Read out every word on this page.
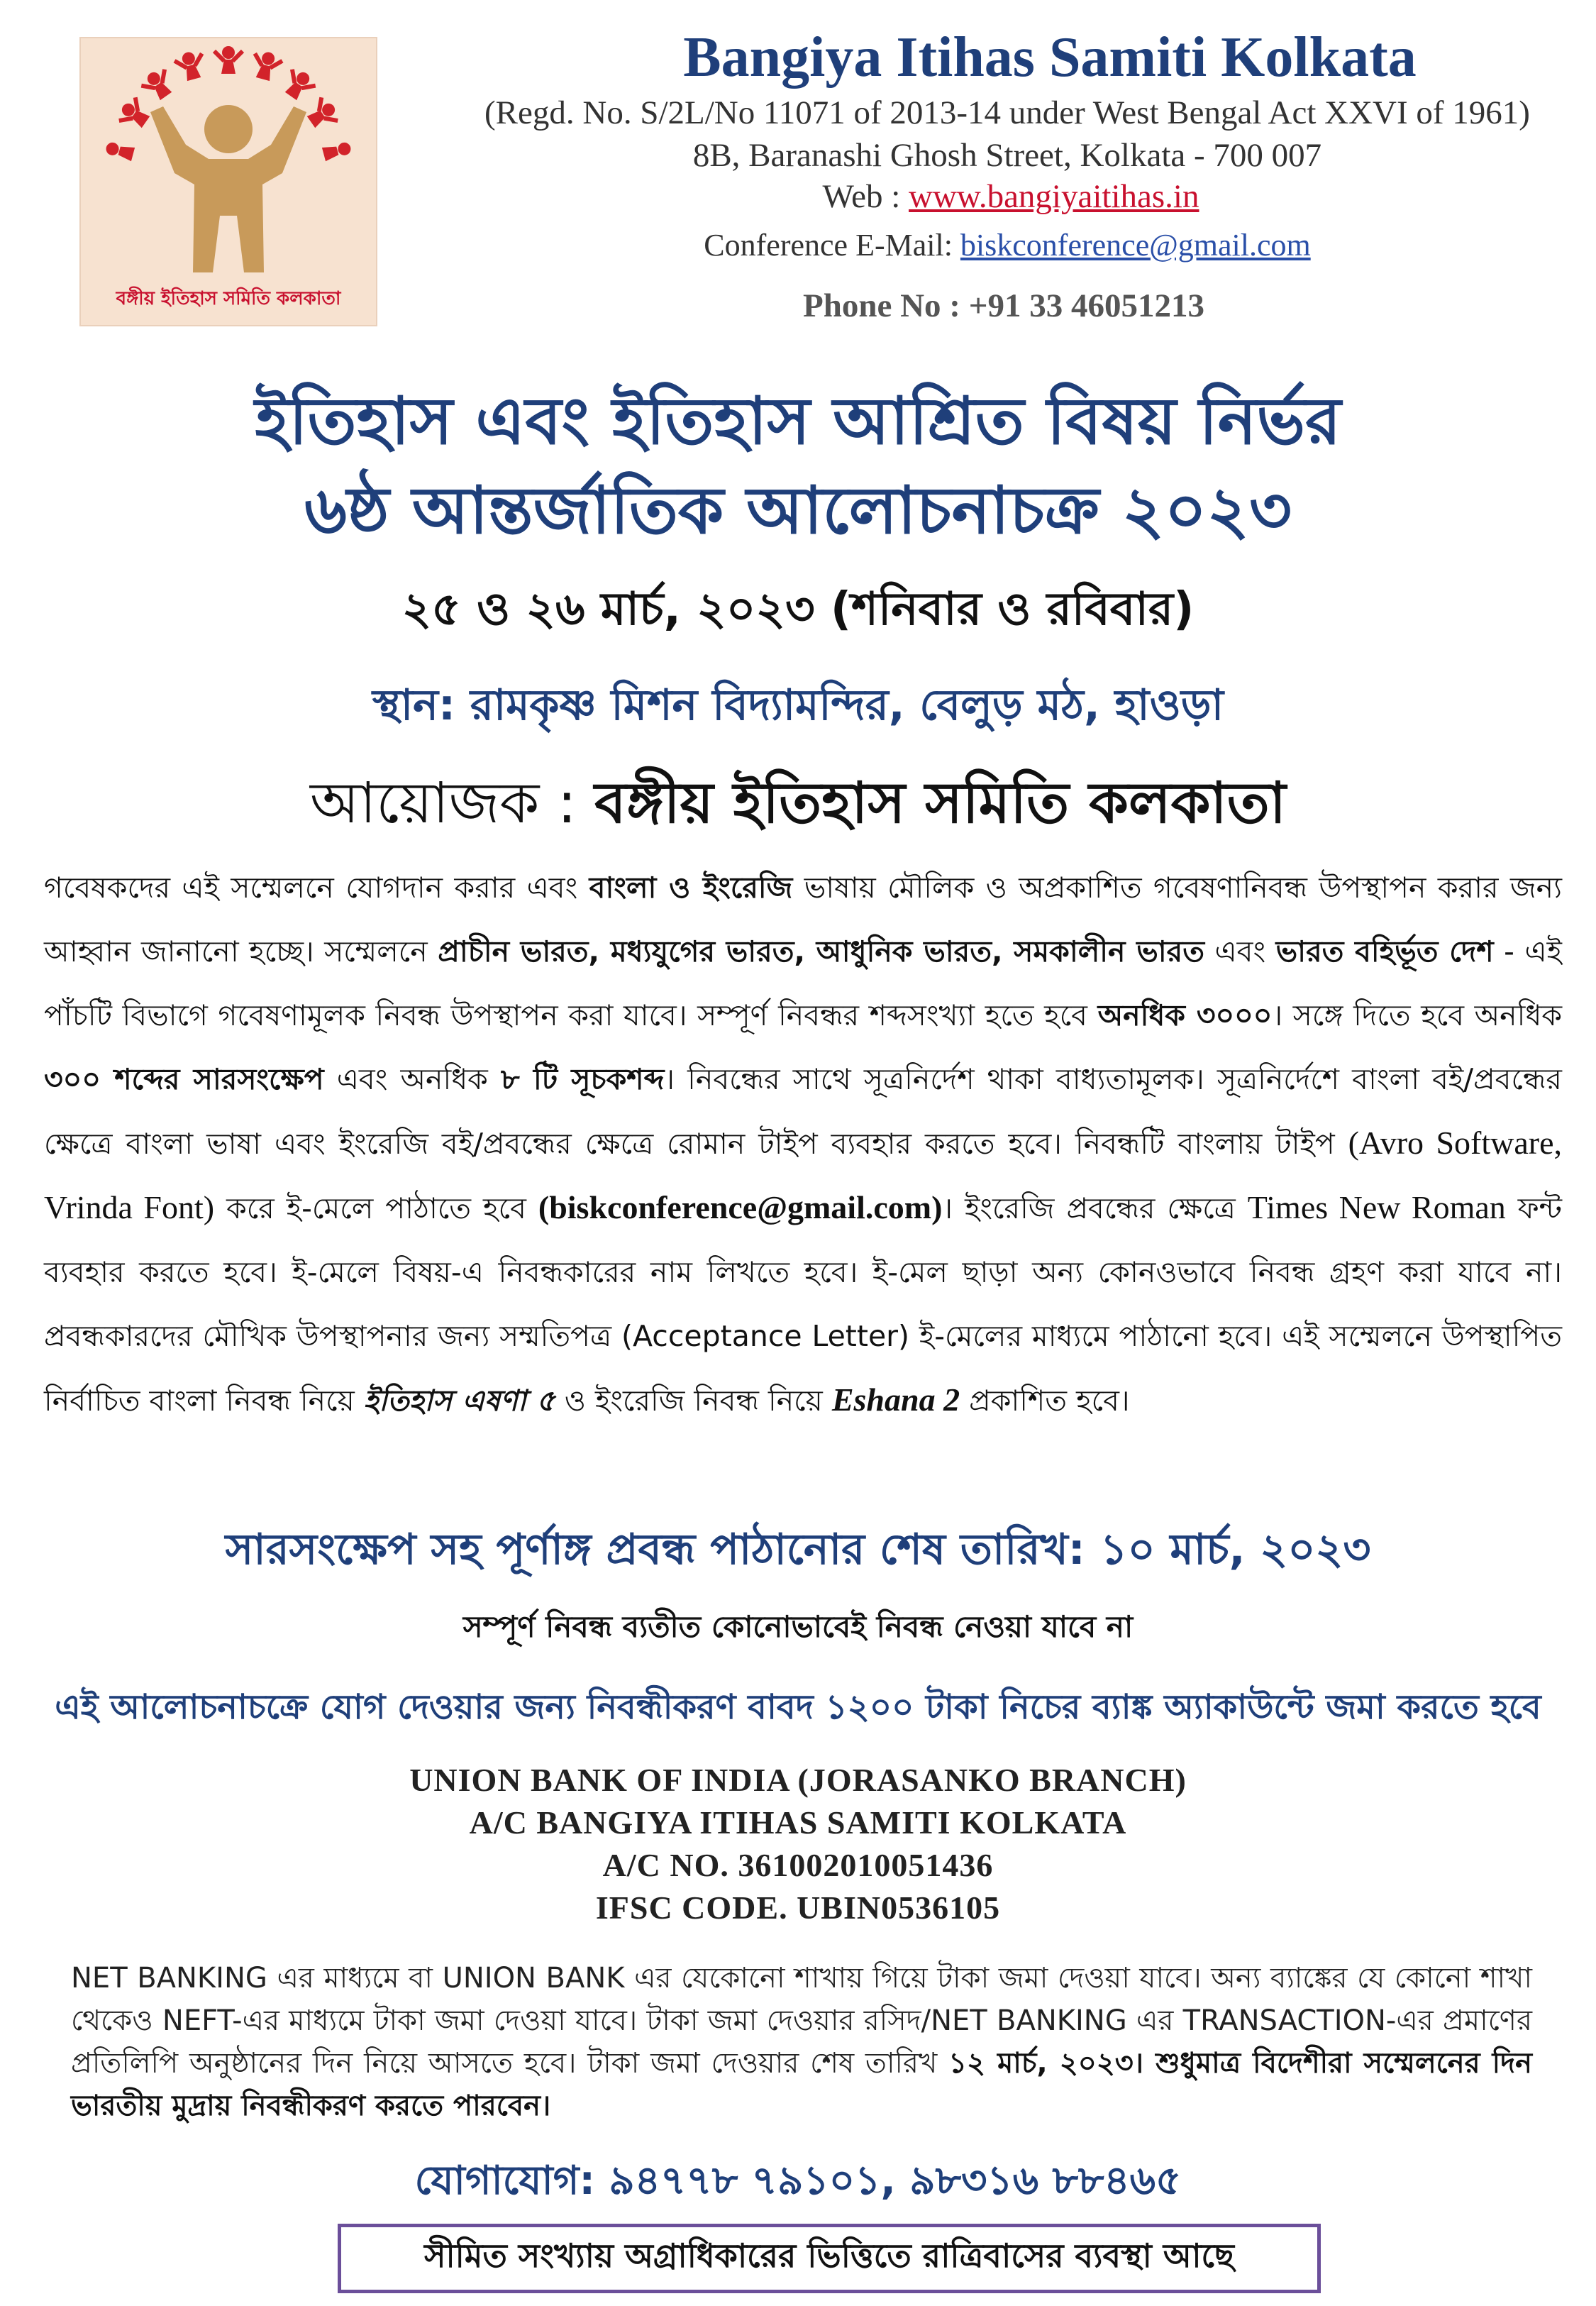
বঙ্গীয় ইতিহাস সমিতি কলকাতা
Bangiya Itihas Samiti Kolkata
(Regd. No. S/2L/No 11071 of 2013-14 under West Bengal Act XXVI of 1961)
8B, Baranashi Ghosh Street, Kolkata - 700 007
Web : www.bangiyaitihas.in
Conference E-Mail: biskconference@gmail.com
Phone No : +91 33 46051213
ইতিহাস এবং ইতিহাস আশ্রিত বিষয় নির্ভর
৬ষ্ঠ আন্তর্জাতিক আলোচনাচক্র ২০২৩
২৫ ও ২৬ মার্চ, ২০২৩ (শনিবার ও রবিবার)
স্থান: রামকৃষ্ণ মিশন বিদ্যামন্দির, বেলুড় মঠ, হাওড়া
আয়োজক : বঙ্গীয় ইতিহাস সমিতি কলকাতা
গবেষকদের এই সম্মেলনে যোগদান করার এবং বাংলা ও ইংরেজি ভাষায় মৌলিক ও অপ্রকাশিত গবেষণানিবন্ধ উপস্থাপন করার জন্য আহ্বান জানানো হচ্ছে। সম্মেলনে প্রাচীন ভারত, মধ্যযুগের ভারত, আধুনিক ভারত, সমকালীন ভারত এবং ভারত বহির্ভূত দেশ - এই পাঁচটি বিভাগে গবেষণামূলক নিবন্ধ উপস্থাপন করা যাবে। সম্পূর্ণ নিবন্ধর শব্দসংখ্যা হতে হবে অনধিক ৩০০০। সঙ্গে দিতে হবে অনধিক ৩০০ শব্দের সারসংক্ষেপ এবং অনধিক ৮ টি সূচকশব্দ। নিবন্ধের সাথে সূত্রনির্দেশ থাকা বাধ্যতামূলক। সূত্রনির্দেশে বাংলা বই/প্রবন্ধের ক্ষেত্রে বাংলা ভাষা এবং ইংরেজি বই/প্রবন্ধের ক্ষেত্রে রোমান টাইপ ব্যবহার করতে হবে। নিবন্ধটি বাংলায় টাইপ (Avro Software, Vrinda Font) করে ই-মেলে পাঠাতে হবে (biskconference@gmail.com)। ইংরেজি প্রবন্ধের ক্ষেত্রে Times New Roman ফন্ট ব্যবহার করতে হবে। ই-মেলে বিষয়-এ নিবন্ধকারের নাম লিখতে হবে। ই-মেল ছাড়া অন্য কোনওভাবে নিবন্ধ গ্রহণ করা যাবে না। প্রবন্ধকারদের মৌখিক উপস্থাপনার জন্য সম্মতিপত্র (Acceptance Letter) ই-মেলের মাধ্যমে পাঠানো হবে। এই সম্মেলনে উপস্থাপিত নির্বাচিত বাংলা নিবন্ধ নিয়ে ইতিহাস এষণা ৫ ও ইংরেজি নিবন্ধ নিয়ে Eshana 2 প্রকাশিত হবে।
সারসংক্ষেপ সহ পূর্ণাঙ্গ প্রবন্ধ পাঠানোর শেষ তারিখ: ১০ মার্চ, ২০২৩
সম্পূর্ণ নিবন্ধ ব্যতীত কোনোভাবেই নিবন্ধ নেওয়া যাবে না
এই আলোচনাচক্রে যোগ দেওয়ার জন্য নিবন্ধীকরণ বাবদ ১২০০ টাকা নিচের ব্যাঙ্ক অ্যাকাউন্টে জমা করতে হবে
UNION BANK OF INDIA (JORASANKO BRANCH)
A/C BANGIYA ITIHAS SAMITI KOLKATA
A/C NO. 361002010051436
IFSC CODE. UBIN0536105
NET BANKING এর মাধ্যমে বা UNION BANK এর যেকোনো শাখায় গিয়ে টাকা জমা দেওয়া যাবে। অন্য ব্যাঙ্কের যে কোনো শাখা থেকেও NEFT-এর মাধ্যমে টাকা জমা দেওয়া যাবে। টাকা জমা দেওয়ার রসিদ/NET BANKING এর TRANSACTION-এর প্রমাণের প্রতিলিপি অনুষ্ঠানের দিন নিয়ে আসতে হবে। টাকা জমা দেওয়ার শেষ তারিখ ১২ মার্চ, ২০২৩। শুধুমাত্র বিদেশীরা সম্মেলনের দিন ভারতীয় মুদ্রায় নিবন্ধীকরণ করতে পারবেন।
যোগাযোগ: ৯৪৭৭৮ ৭৯১০১, ৯৮৩১৬ ৮৮৪৬৫
সীমিত সংখ্যায় অগ্রাধিকারের ভিত্তিতে রাত্রিবাসের ব্যবস্থা আছে
